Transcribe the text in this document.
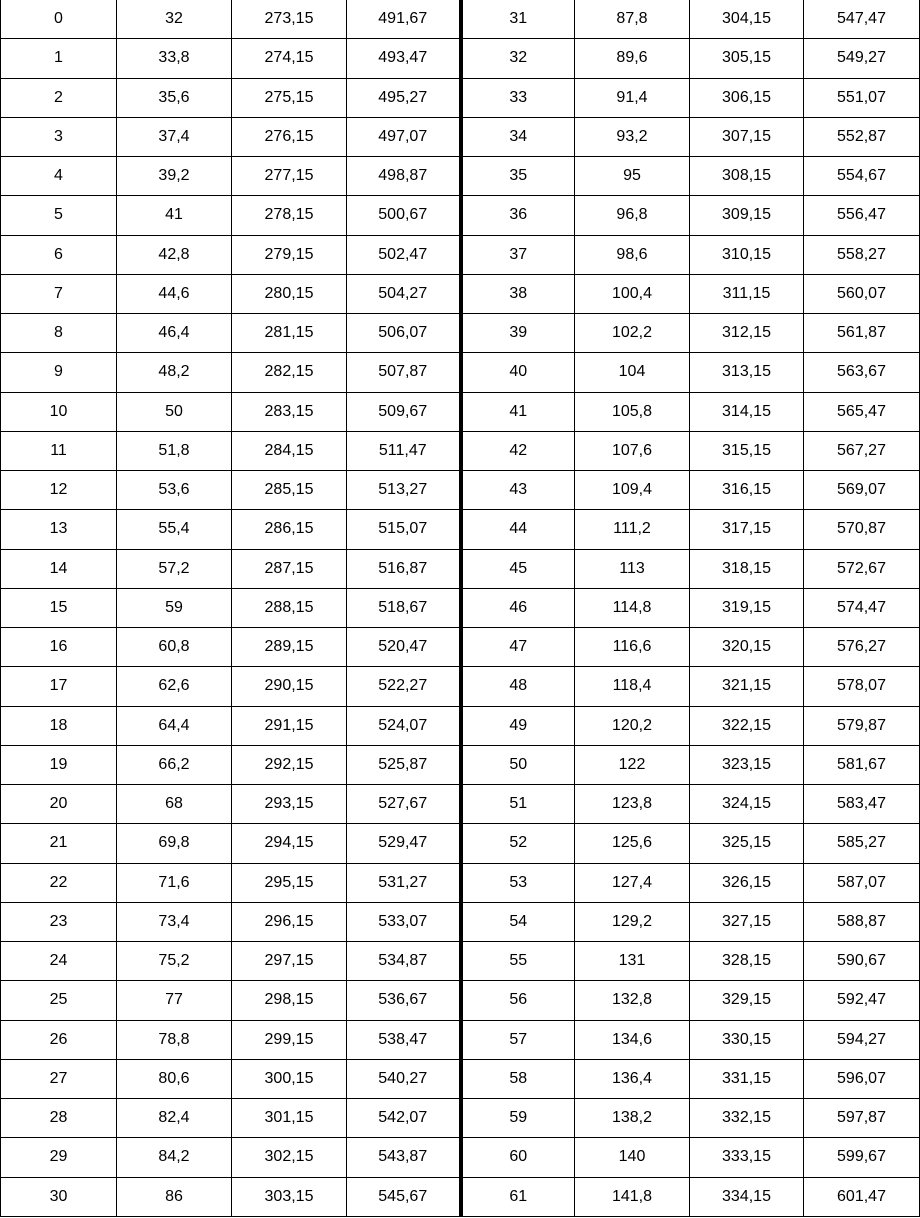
0	32	273,15	491,67	31	87,8	304,15	547,47
1	33,8	274,15	493,47	32	89,6	305,15	549,27
2	35,6	275,15	495,27	33	91,4	306,15	551,07
3	37,4	276,15	497,07	34	93,2	307,15	552,87
4	39,2	277,15	498,87	35	95	308,15	554,67
5	41	278,15	500,67	36	96,8	309,15	556,47
6	42,8	279,15	502,47	37	98,6	310,15	558,27
7	44,6	280,15	504,27	38	100,4	311,15	560,07
8	46,4	281,15	506,07	39	102,2	312,15	561,87
9	48,2	282,15	507,87	40	104	313,15	563,67
10	50	283,15	509,67	41	105,8	314,15	565,47
11	51,8	284,15	511,47	42	107,6	315,15	567,27
12	53,6	285,15	513,27	43	109,4	316,15	569,07
13	55,4	286,15	515,07	44	111,2	317,15	570,87
14	57,2	287,15	516,87	45	113	318,15	572,67
15	59	288,15	518,67	46	114,8	319,15	574,47
16	60,8	289,15	520,47	47	116,6	320,15	576,27
17	62,6	290,15	522,27	48	118,4	321,15	578,07
18	64,4	291,15	524,07	49	120,2	322,15	579,87
19	66,2	292,15	525,87	50	122	323,15	581,67
20	68	293,15	527,67	51	123,8	324,15	583,47
21	69,8	294,15	529,47	52	125,6	325,15	585,27
22	71,6	295,15	531,27	53	127,4	326,15	587,07
23	73,4	296,15	533,07	54	129,2	327,15	588,87
24	75,2	297,15	534,87	55	131	328,15	590,67
25	77	298,15	536,67	56	132,8	329,15	592,47
26	78,8	299,15	538,47	57	134,6	330,15	594,27
27	80,6	300,15	540,27	58	136,4	331,15	596,07
28	82,4	301,15	542,07	59	138,2	332,15	597,87
29	84,2	302,15	543,87	60	140	333,15	599,67
30	86	303,15	545,67	61	141,8	334,15	601,47
